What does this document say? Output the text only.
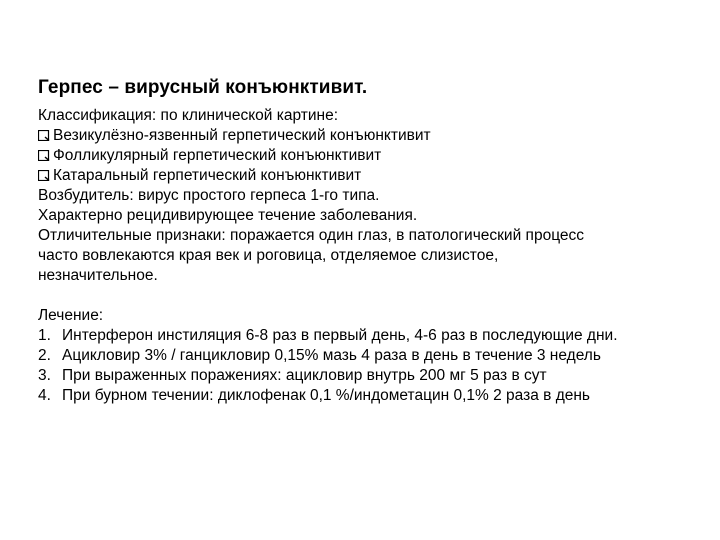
Герпес – вирусный конъюнктивит.
Классификация: по клинической картине:
Везикулёзно-язвенный герпетический конъюнктивит
Фолликулярный герпетический конъюнктивит
Катаральный герпетический конъюнктивит
Возбудитель: вирус простого герпеса 1-го типа.
Характерно рецидивирующее течение заболевания.
Отличительные признаки: поражается один глаз, в патологический процесс
часто вовлекаются края век и роговица, отделяемое слизистое,
незначительное.
Лечение:
1. Интерферон инстиляция 6-8 раз в первый день, 4-6 раз в последующие дни.
2. Ацикловир 3% / ганцикловир 0,15% мазь 4 раза в день в течение 3 недель
3. При выраженных поражениях: ацикловир внутрь 200 мг 5 раз в сут
4. При бурном течении: диклофенак 0,1 %/индометацин 0,1% 2 раза в день
